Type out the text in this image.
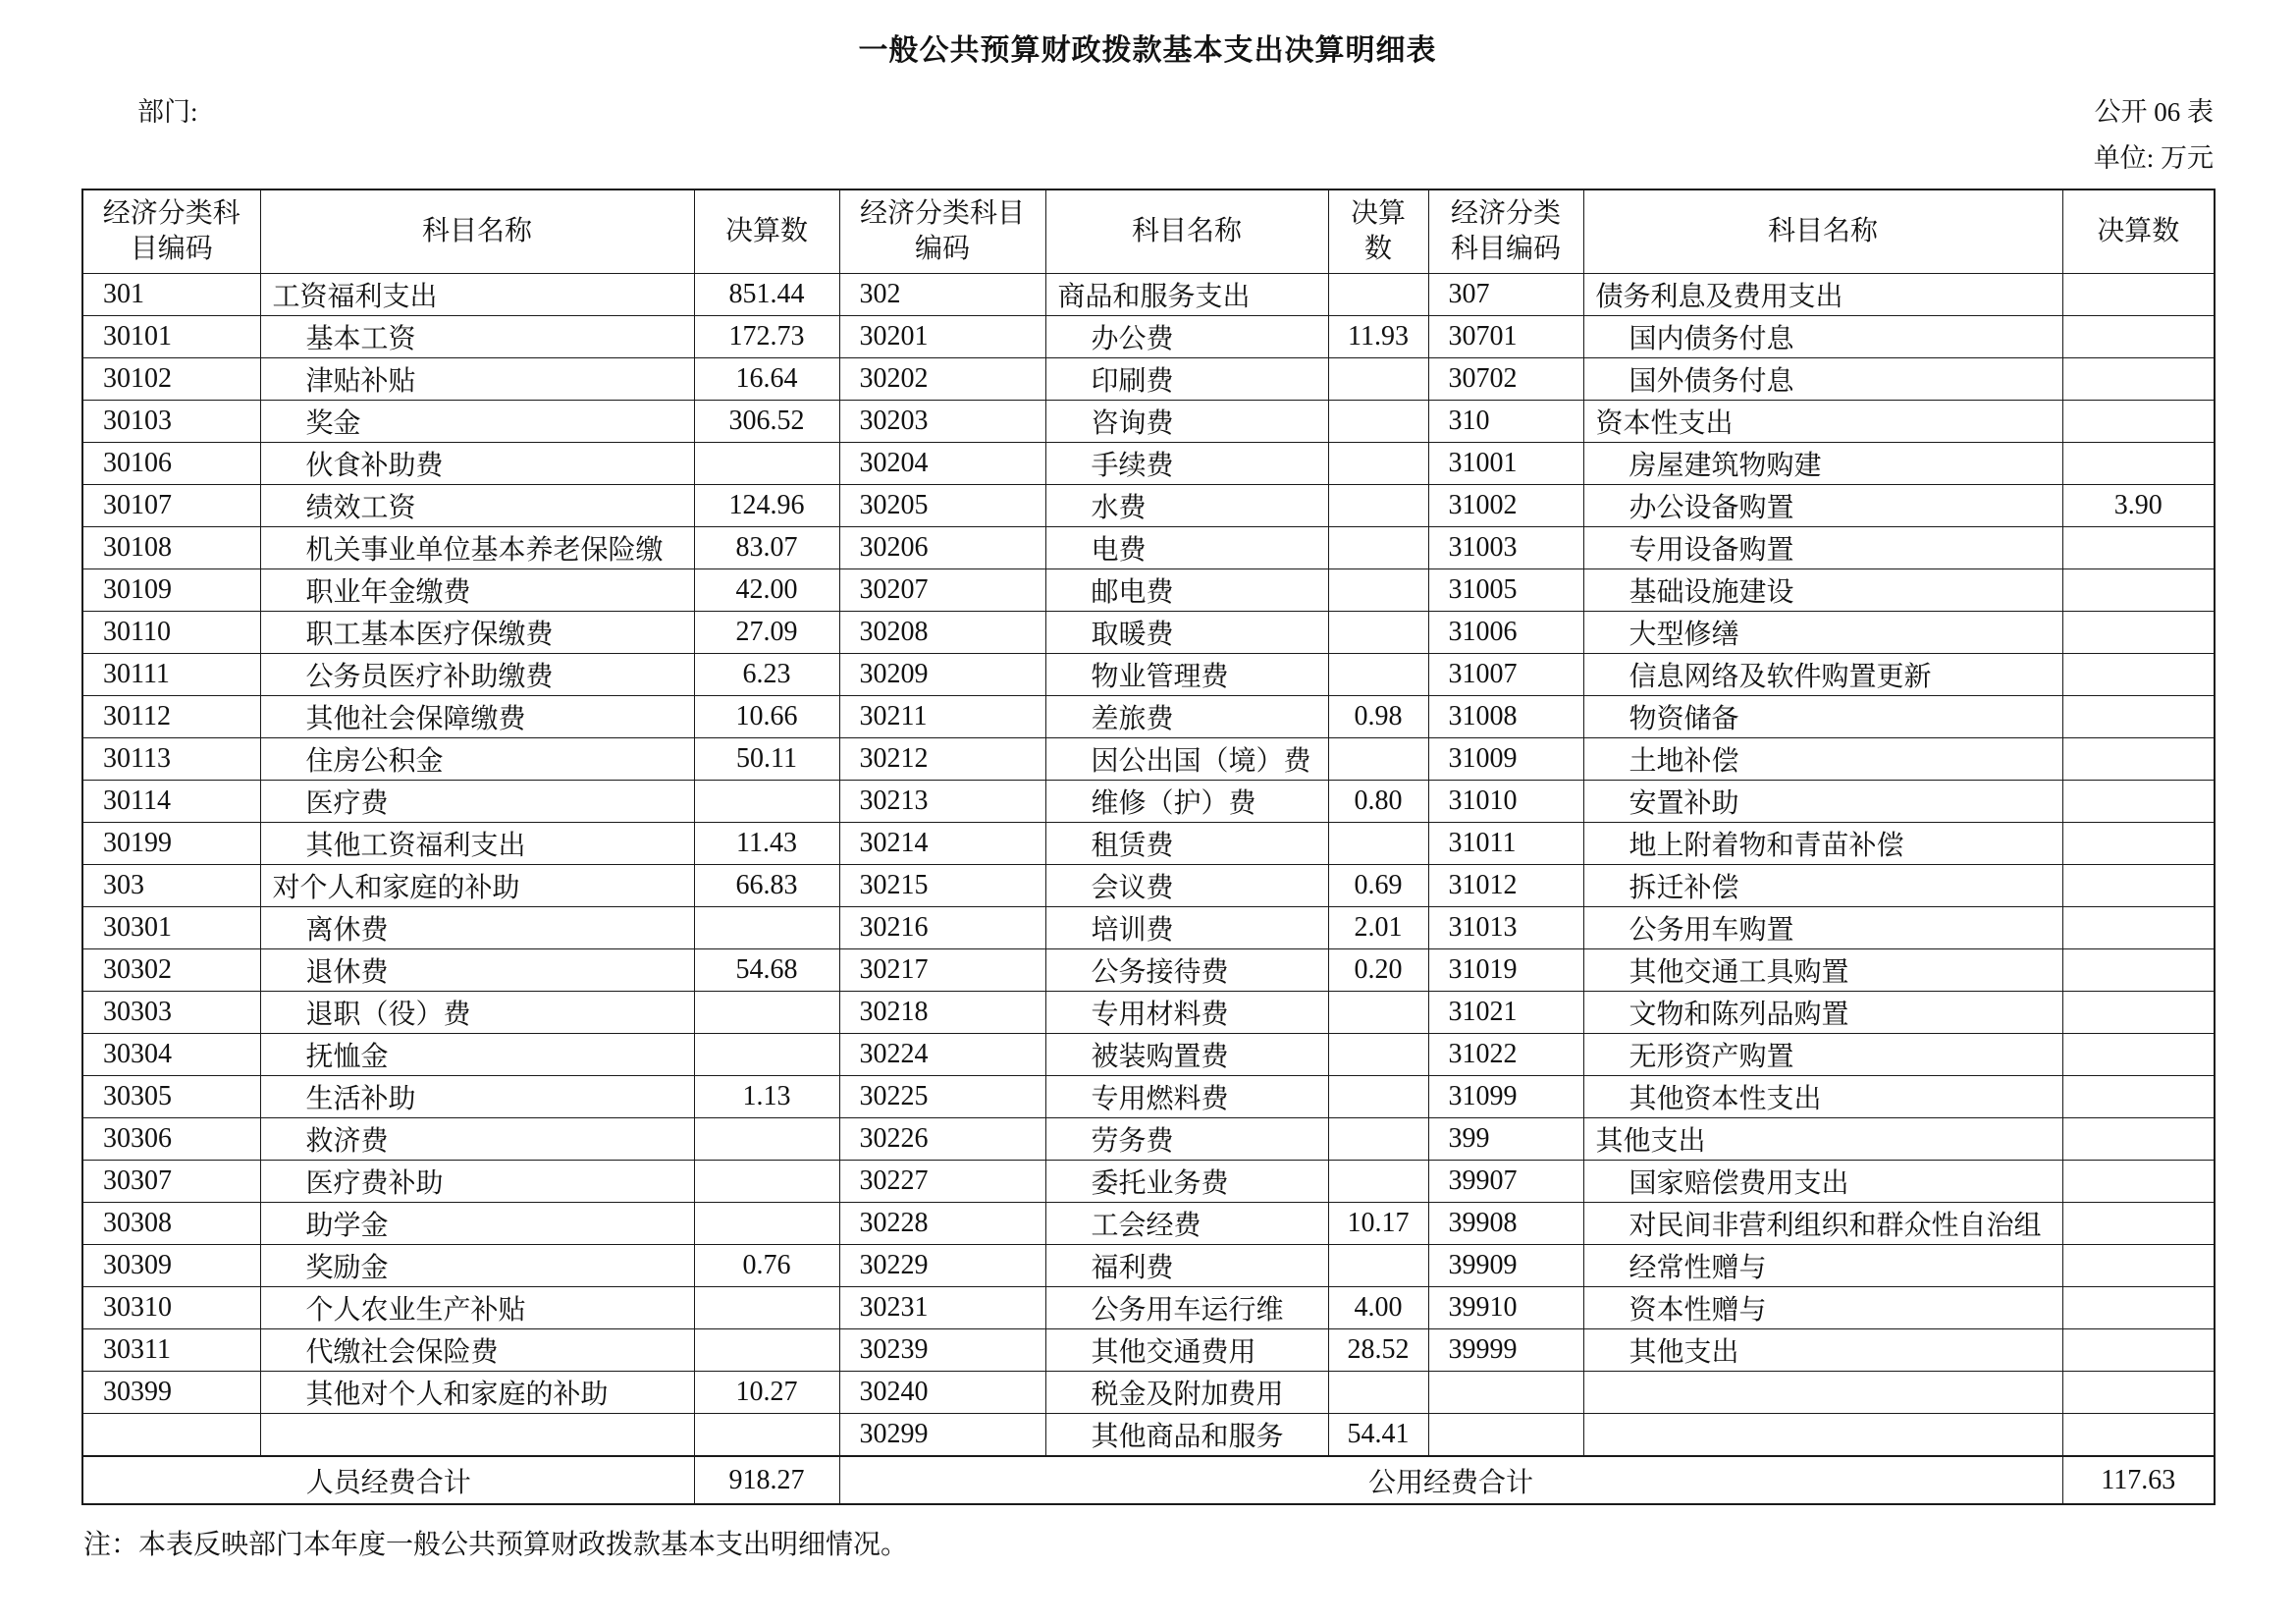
一般公共预算财政拨款基本支出决算明细表
部门:	公开 06 表
单位: 万元
经济分类科目编码	科目名称	决算数	经济分类科目编码	科目名称	决算数	经济分类科目编码	科目名称	决算数
301	工资福利支出	851.44	302	商品和服务支出		307	债务利息及费用支出	
30101	基本工资	172.73	30201	办公费	11.93	30701	国内债务付息	
30102	津贴补贴	16.64	30202	印刷费		30702	国外债务付息	
30103	奖金	306.52	30203	咨询费		310	资本性支出	
30106	伙食补助费		30204	手续费		31001	房屋建筑物购建	
30107	绩效工资	124.96	30205	水费		31002	办公设备购置	3.90
30108	机关事业单位基本养老保险缴	83.07	30206	电费		31003	专用设备购置	
30109	职业年金缴费	42.00	30207	邮电费		31005	基础设施建设	
30110	职工基本医疗保缴费	27.09	30208	取暖费		31006	大型修缮	
30111	公务员医疗补助缴费	6.23	30209	物业管理费		31007	信息网络及软件购置更新	
30112	其他社会保障缴费	10.66	30211	差旅费	0.98	31008	物资储备	
30113	住房公积金	50.11	30212	因公出国（境）费		31009	土地补偿	
30114	医疗费		30213	维修（护）费	0.80	31010	安置补助	
30199	其他工资福利支出	11.43	30214	租赁费		31011	地上附着物和青苗补偿	
303	对个人和家庭的补助	66.83	30215	会议费	0.69	31012	拆迁补偿	
30301	离休费		30216	培训费	2.01	31013	公务用车购置	
30302	退休费	54.68	30217	公务接待费	0.20	31019	其他交通工具购置	
30303	退职（役）费		30218	专用材料费		31021	文物和陈列品购置	
30304	抚恤金		30224	被装购置费		31022	无形资产购置	
30305	生活补助	1.13	30225	专用燃料费		31099	其他资本性支出	
30306	救济费		30226	劳务费		399	其他支出	
30307	医疗费补助		30227	委托业务费		39907	国家赔偿费用支出	
30308	助学金		30228	工会经费	10.17	39908	对民间非营利组织和群众性自治组	
30309	奖励金	0.76	30229	福利费		39909	经常性赠与	
30310	个人农业生产补贴		30231	公务用车运行维	4.00	39910	资本性赠与	
30311	代缴社会保险费		30239	其他交通费用	28.52	39999	其他支出	
30399	其他对个人和家庭的补助	10.27	30240	税金及附加费用				
			30299	其他商品和服务	54.41			
人员经费合计		918.27	公用经费合计					117.63
注：本表反映部门本年度一般公共预算财政拨款基本支出明细情况。
